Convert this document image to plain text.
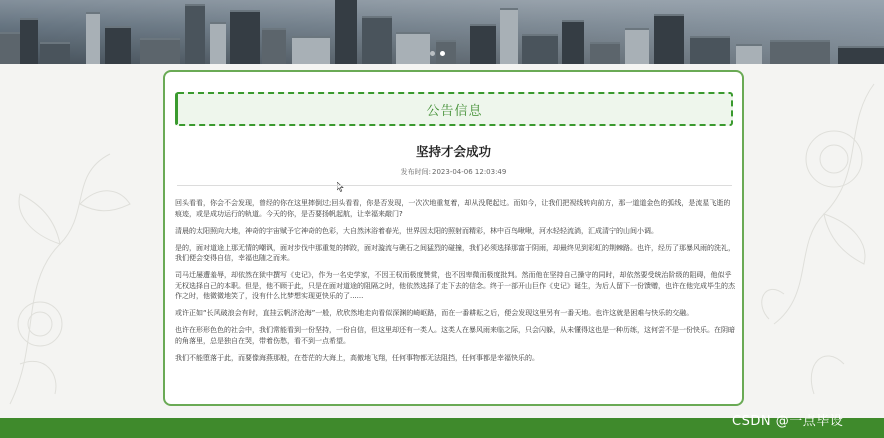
公告信息
坚持才会成功
发布时间:2023-04-06 12:03:49

回头看看，你会不会发现，曾经的你在这里摔倒过;回头看看，你是否发现，一次次地重复着，却从没爬起过。而如今，让我们把视线转向前方，那一道道金色的弧线，是流星飞逝的痕迹，或是成功运行的轨道。今天的你，是否要扬帆起航，让幸福来敲门?

清晨的太阳照向大地，神奇的宇宙赋予它神奇的色彩，大自然沐浴着春光，世界因太阳的照射而精彩，林中百鸟啾啾，河水轻轻流淌，汇成清宁的山间小调。

是的，面对道途上那无情的嘲讽，面对步伐中那重复的摔跤，面对漩流与礁石之间猛烈的碰撞，我们必须选择那富于阴雨，却最终见到彩虹的荆棘路。也许，经历了那暴风雨的洗礼，我们便会变得自信，幸福也随之而来。

司马迁屡遭羞辱，却依然在狱中撰写《史记》，作为一名史学家，不因王权而极度赞赏，也不因卑微而极度批判。然而他在坚持自己操守的同时，却依然要受统治阶级的阻碍，他似乎无权选择自己的本职。但是，他不顾于此，只是在面对道途的阻隔之时，他依然选择了走下去的信念。终于一部开山巨作《史记》诞生，为后人留下一份馈赠，也许在他完成毕生的杰作之时，他微微地笑了，没有什么比梦想实现更快乐的了......

或许正如“长风破浪会有时，直挂云帆济沧海”一般，欣欣然地走向看似深渊的崎岖路，而在一番耕耘之后，便会发现这里另有一番天地。也许这就是困难与快乐的交融。

也许在形形色色的社会中，我们常能看到一份坚持，一份自信，但这里却还有一类人。这类人在暴风雨来临之际，只会闪躲，从未懂得这也是一种历练，这何尝不是一份快乐。在阴暗的角落里，总是独自在哭，带着伤愁，看不到一点希望。

我们不能堕落于此，而要像海燕那般，在苍茫的大海上，高傲地飞翔，任何事物都无法阻挡，任何事都是幸福快乐的。

CSDN @一点毕设
